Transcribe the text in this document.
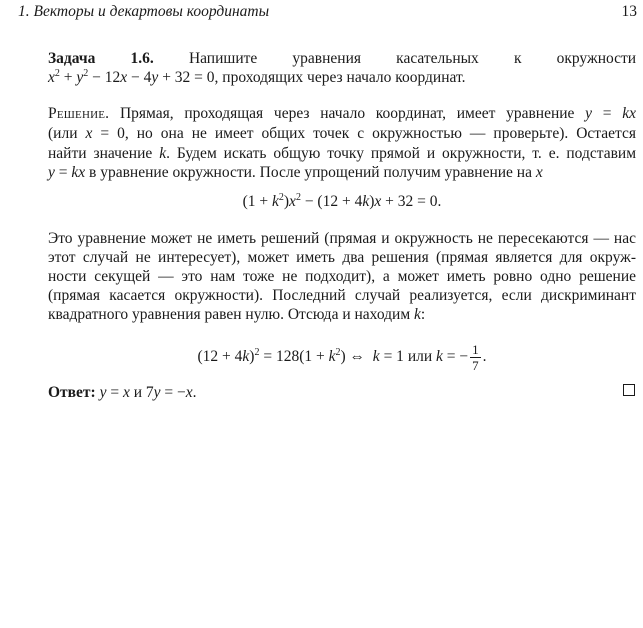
1. Векторы и декартовы координаты	13
Задача 1.6. Напишите уравнения касательных к окружности
$x^2 + y^2 - 12x - 4y + 32 = 0$, проходящих через начало координат.
Решение. Прямая, проходящая через начало координат, имеет уравнение y = kx
(или x = 0, но она не имеет общих точек с окружностью — проверьте). Остается
найти значение k. Будем искать общую точку прямой и окружности, т. е. подставим
y = kx в уравнение окружности. После упрощений получим уравнение на x
$(1 + k^2)x^2 - (12 + 4k)x + 32 = 0$.
Это уравнение может не иметь решений (прямая и окружность не пересекаются — нас
этот случай не интересует), может иметь два решения (прямая является для окруж-
ности секущей — это нам тоже не подходит), а может иметь ровно одно решение
(прямая касается окружности). Последний случай реализуется, если дискриминант
квадратного уравнения равен нулю. Отсюда и находим k:
$(12 + 4k)^2 = 128(1 + k^2)$ ⇔  k = 1 или k = − $\frac{1}{7}$ .
Ответ: y = x и 7y = −x.
